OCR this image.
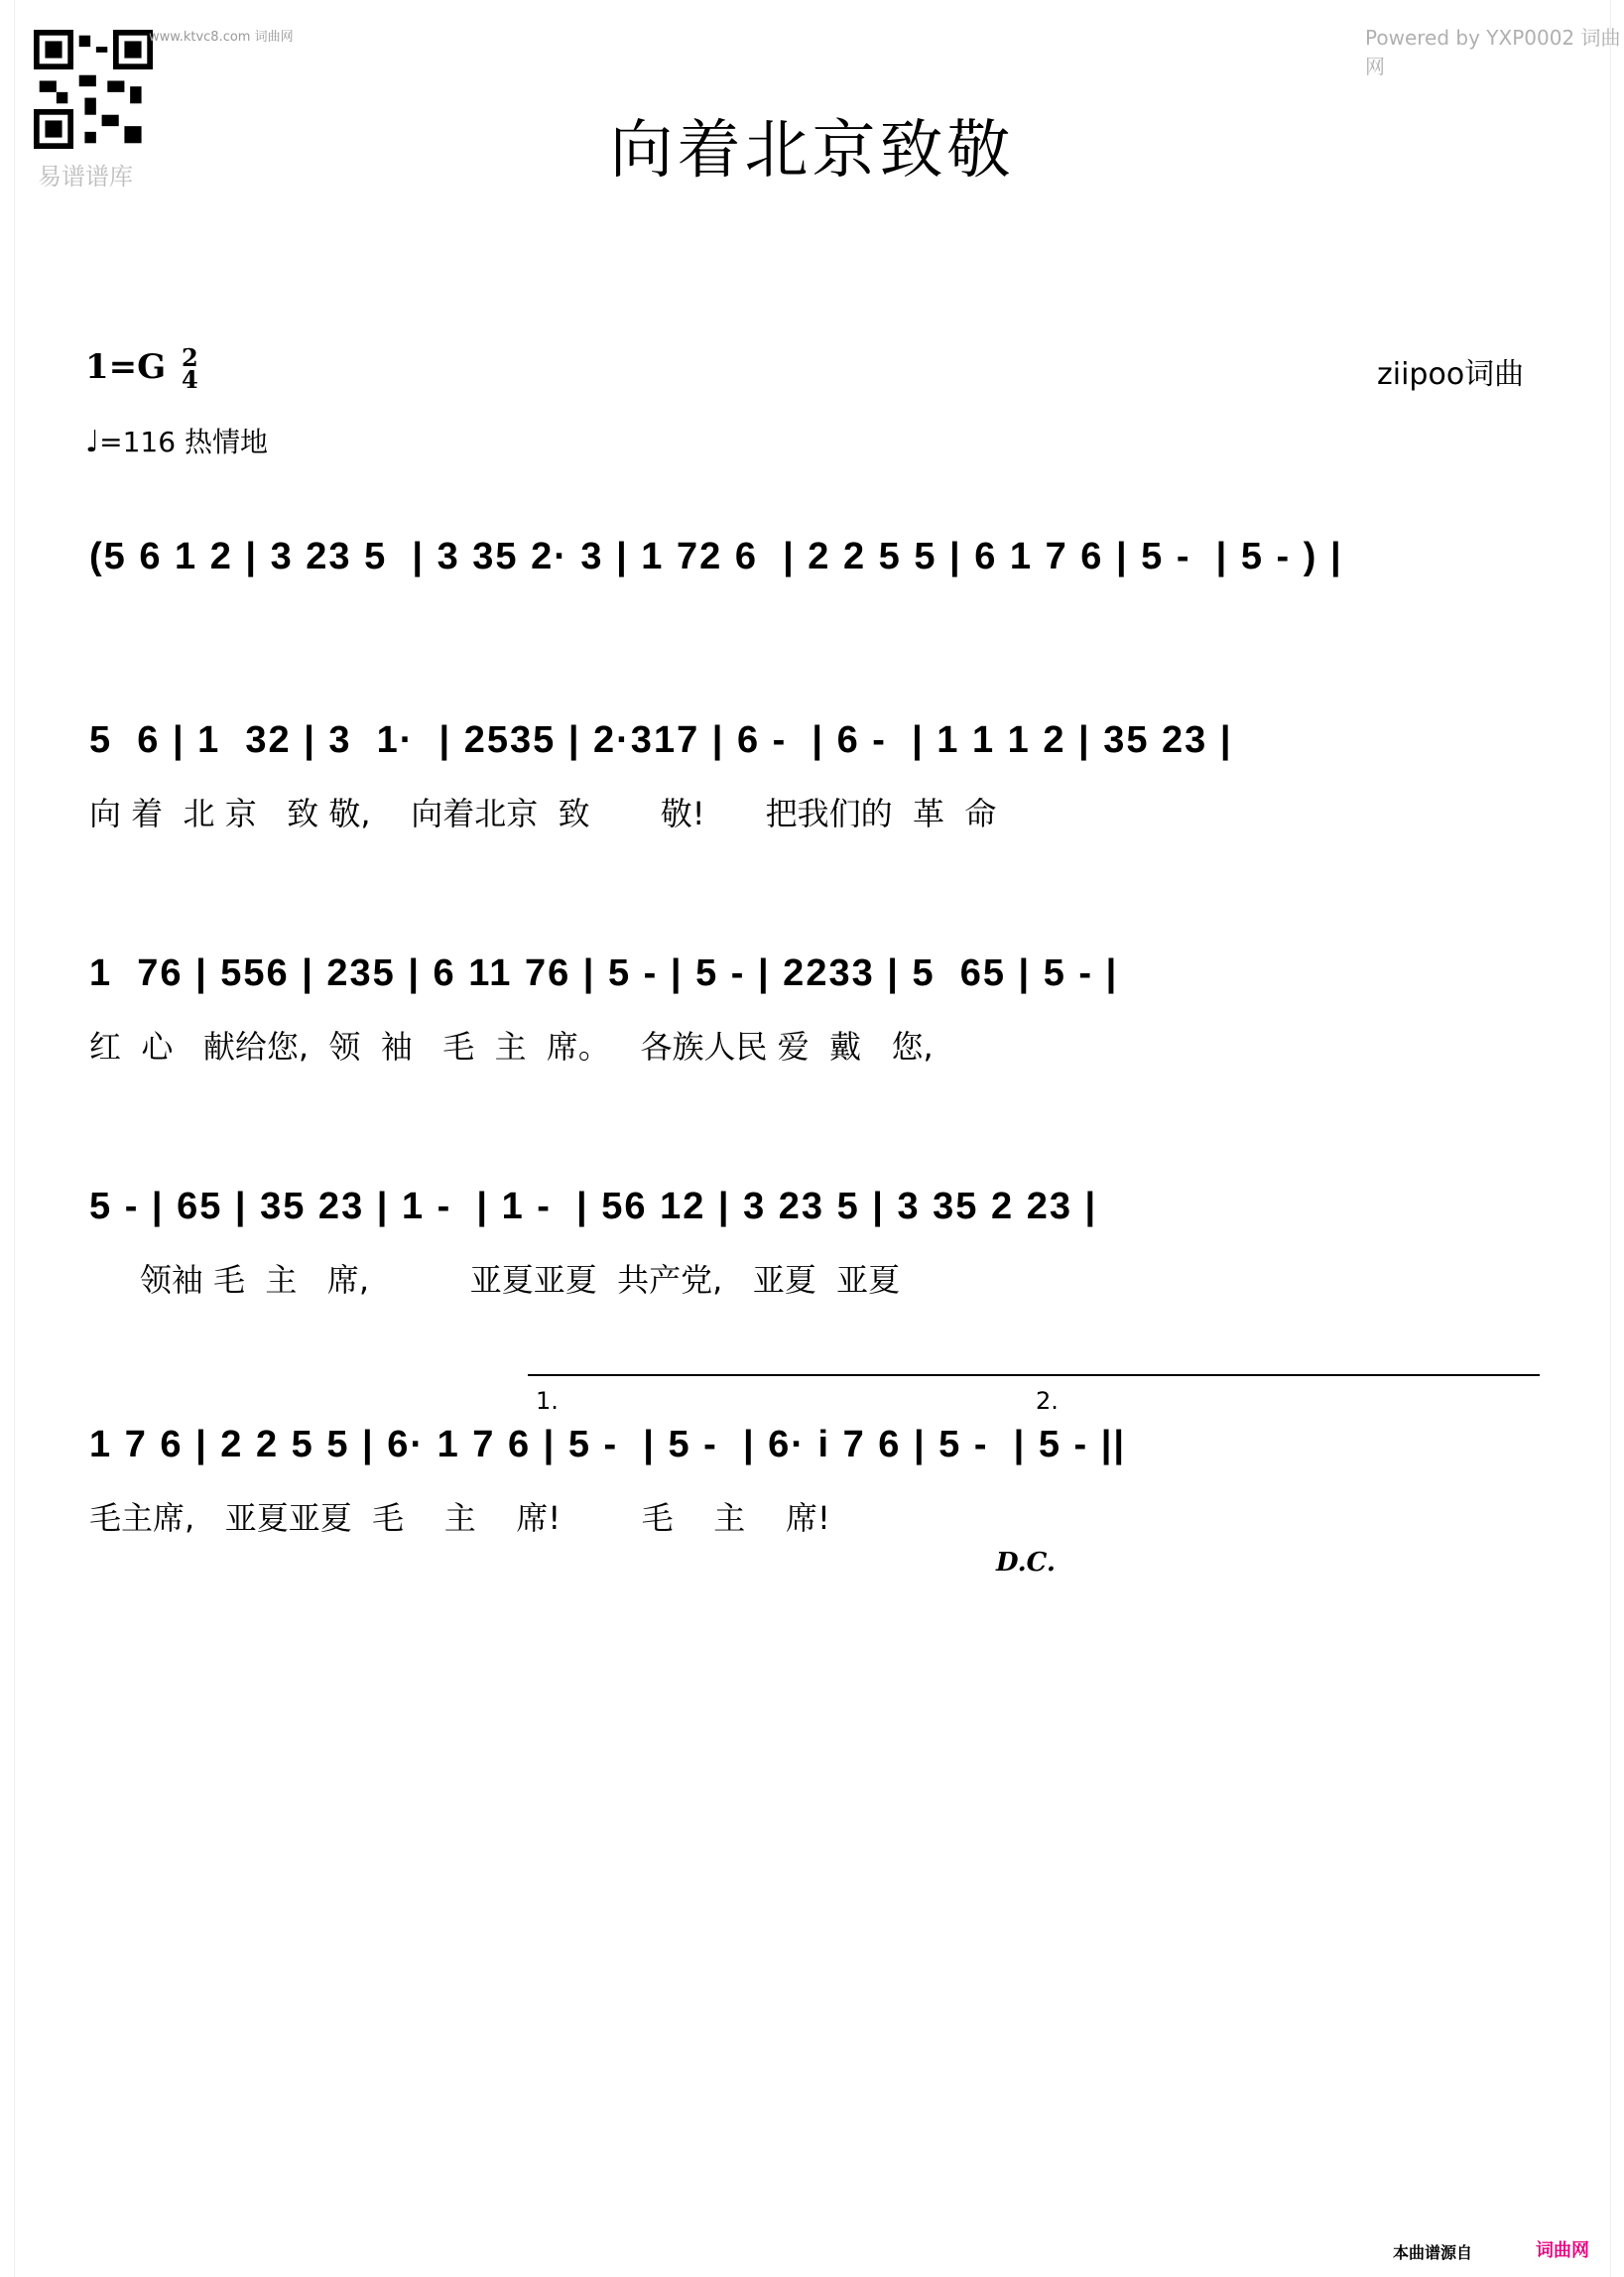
易谱谱库
www.ktvc8.com 词曲网	Powered by YXP0002 词曲网
向着北京致敬
1=G 2
4
♩=116 热情地
ziipoo词曲
(5 6 1 2 | 3 23 5  | 3 35 2· 3 | 1 72 6  | 2 2 5 5 | 6 1 7 6 | 5 -  | 5 - ) |
5  6 | 1  32 | 3  1·  | 2535 | 2·317 | 6 -  | 6 -  | 1 1 1 2 | 35 23 |
向 着  北 京   致 敬,    向着北京  致       敬!      把我们的  革  命
1  76 | 556 | 235 | 6 11 76 | 5 - | 5 - | 2233 | 5  65 | 5 - |
红  心   献给您,  领  袖   毛  主  席。   各族人民 爱  戴   您,
5 - | 65 | 35 23 | 1 -  | 1 -  | 56 12 | 3 23 5 | 3 35 2 23 |
领袖 毛  主   席,          亚夏亚夏  共产党,   亚夏  亚夏
1.	2.
1 7 6 | 2 2 5 5 | 6· 1 7 6 | 5 -  | 5 -  | 6· i 7 6 | 5 -  | 5 - ||
毛主席,   亚夏亚夏  毛    主    席!        毛    主    席!
D.C.
本曲谱源自	词曲网
